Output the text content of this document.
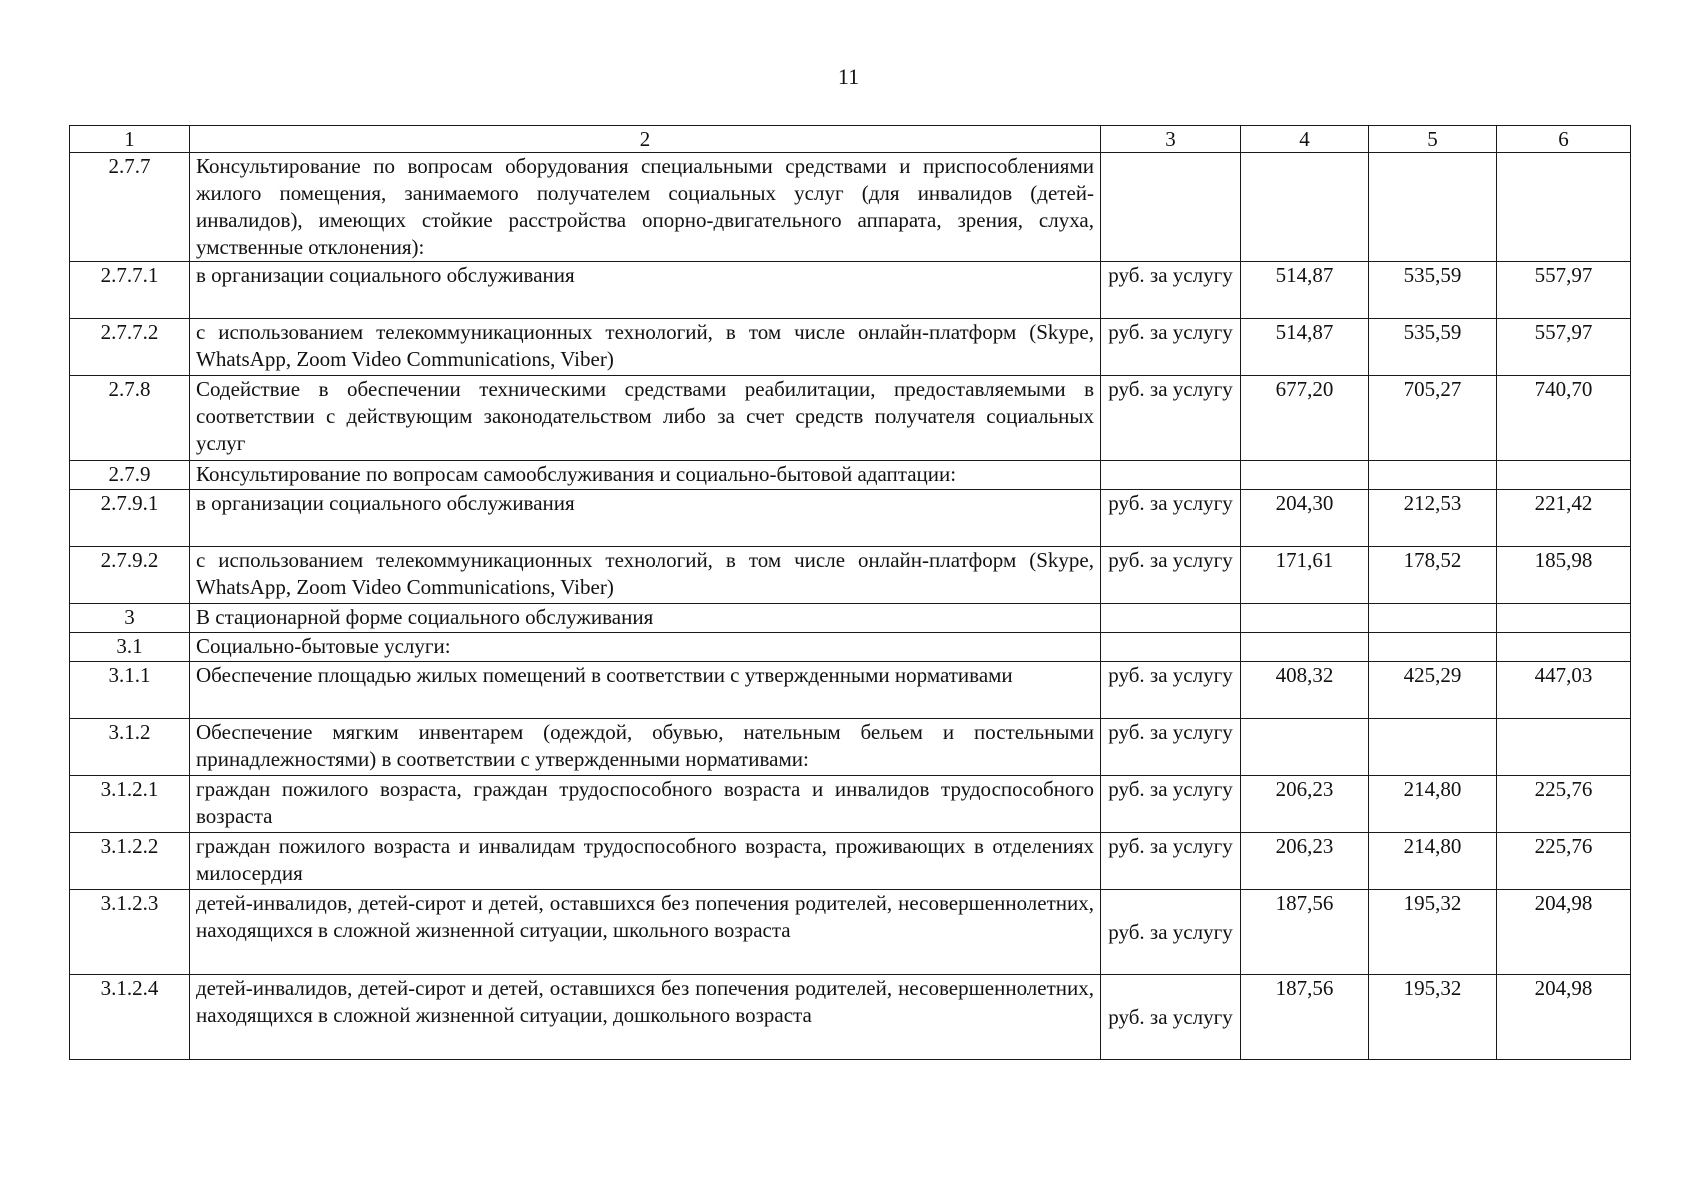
11
1	2	3	4	5	6
2.7.7	Консультирование по вопросам оборудования специальными средствами и приспособлениями жилого помещения, занимаемого получателем социальных услуг (для инвалидов (детей-инвалидов), имеющих стойкие расстройства опорно-двигательного аппарата, зрения, слуха, умственные отклонения):				
2.7.7.1	в организации социального обслуживания	руб. за услугу	514,87	535,59	557,97
2.7.7.2	с использованием телекоммуникационных технологий, в том числе онлайн-платформ (Skype, WhatsApp, Zoom Video Communications, Viber)	руб. за услугу	514,87	535,59	557,97
2.7.8	Содействие в обеспечении техническими средствами реабилитации, предоставляемыми в соответствии с действующим законодательством либо за счет средств получателя социальных услуг	руб. за услугу	677,20	705,27	740,70
2.7.9	Консультирование по вопросам самообслуживания и социально-бытовой адаптации:				
2.7.9.1	в организации социального обслуживания	руб. за услугу	204,30	212,53	221,42
2.7.9.2	с использованием телекоммуникационных технологий, в том числе онлайн-платформ (Skype, WhatsApp, Zoom Video Communications, Viber)	руб. за услугу	171,61	178,52	185,98
3	В стационарной форме социального обслуживания				
3.1	Социально-бытовые услуги:				
3.1.1	Обеспечение площадью жилых помещений в соответствии с утвержденными нормативами	руб. за услугу	408,32	425,29	447,03
3.1.2	Обеспечение мягким инвентарем (одеждой, обувью, нательным бельем и постельными принадлежностями) в соответствии с утвержденными нормативами:	руб. за услугу			
3.1.2.1	граждан пожилого возраста, граждан трудоспособного возраста и инвалидов трудоспособного возраста	руб. за услугу	206,23	214,80	225,76
3.1.2.2	граждан пожилого возраста и инвалидам трудоспособного возраста, проживающих в отделениях милосердия	руб. за услугу	206,23	214,80	225,76
3.1.2.3	детей-инвалидов, детей-сирот и детей, оставшихся без попечения родителей, несовершеннолетних, находящихся в сложной жизненной ситуации, школьного возраста	руб. за услугу	187,56	195,32	204,98
3.1.2.4	детей-инвалидов, детей-сирот и детей, оставшихся без попечения родителей, несовершеннолетних, находящихся в сложной жизненной ситуации, дошкольного возраста	руб. за услугу	187,56	195,32	204,98
